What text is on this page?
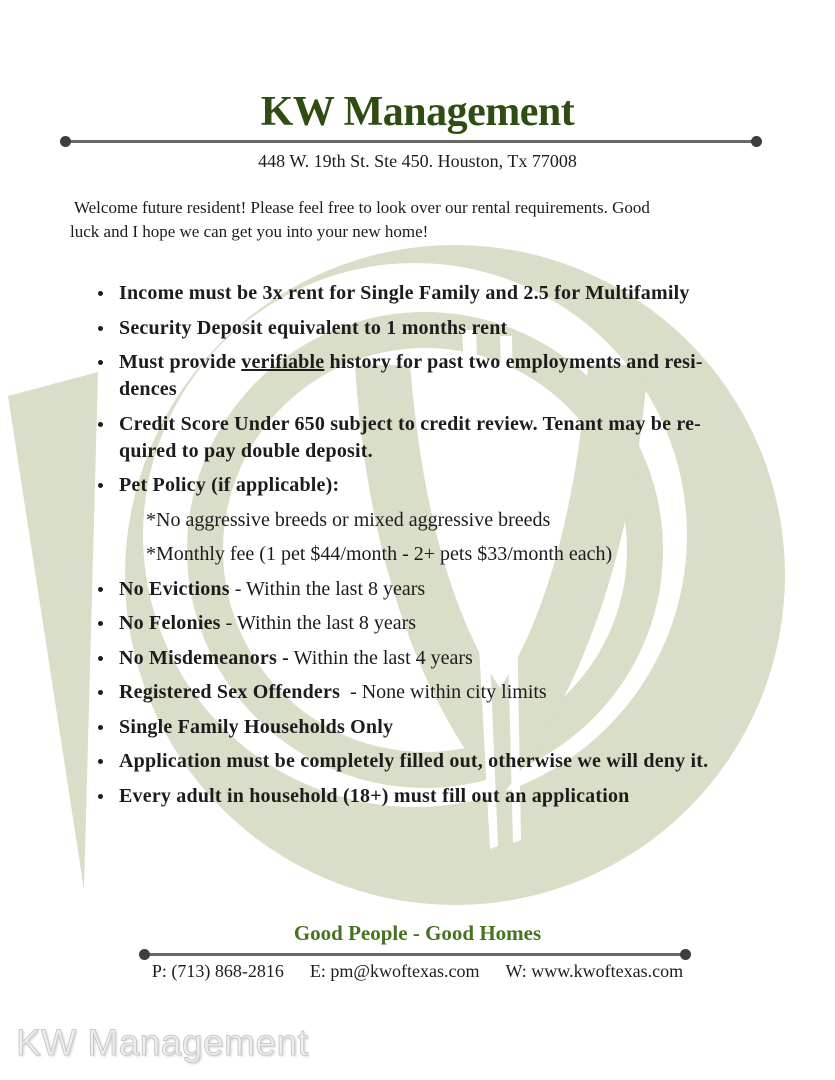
KW Management
448 W. 19th St. Ste 450. Houston, Tx 77008

Welcome future resident! Please feel free to look over our rental requirements. Good
luck and I hope we can get you into your new home!

Income must be 3x rent for Single Family and 2.5 for Multifamily
Security Deposit equivalent to 1 months rent
Must provide verifiable history for past two employments and resi-
dences
Credit Score Under 650 subject to credit review. Tenant may be re-
quired to pay double deposit.
Pet Policy (if applicable):
*No aggressive breeds or mixed aggressive breeds
*Monthly fee (1 pet $44/month - 2+ pets $33/month each)
No Evictions - Within the last 8 years
No Felonies - Within the last 8 years
No Misdemeanors - Within the last 4 years
Registered Sex Offenders  - None within city limits
Single Family Households Only
Application must be completely filled out, otherwise we will deny it.
Every adult in household (18+) must fill out an application
Good People - Good Homes
P: (713) 868-2816 E: pm@kwoftexas.com W: www.kwoftexas.com
KW Management
